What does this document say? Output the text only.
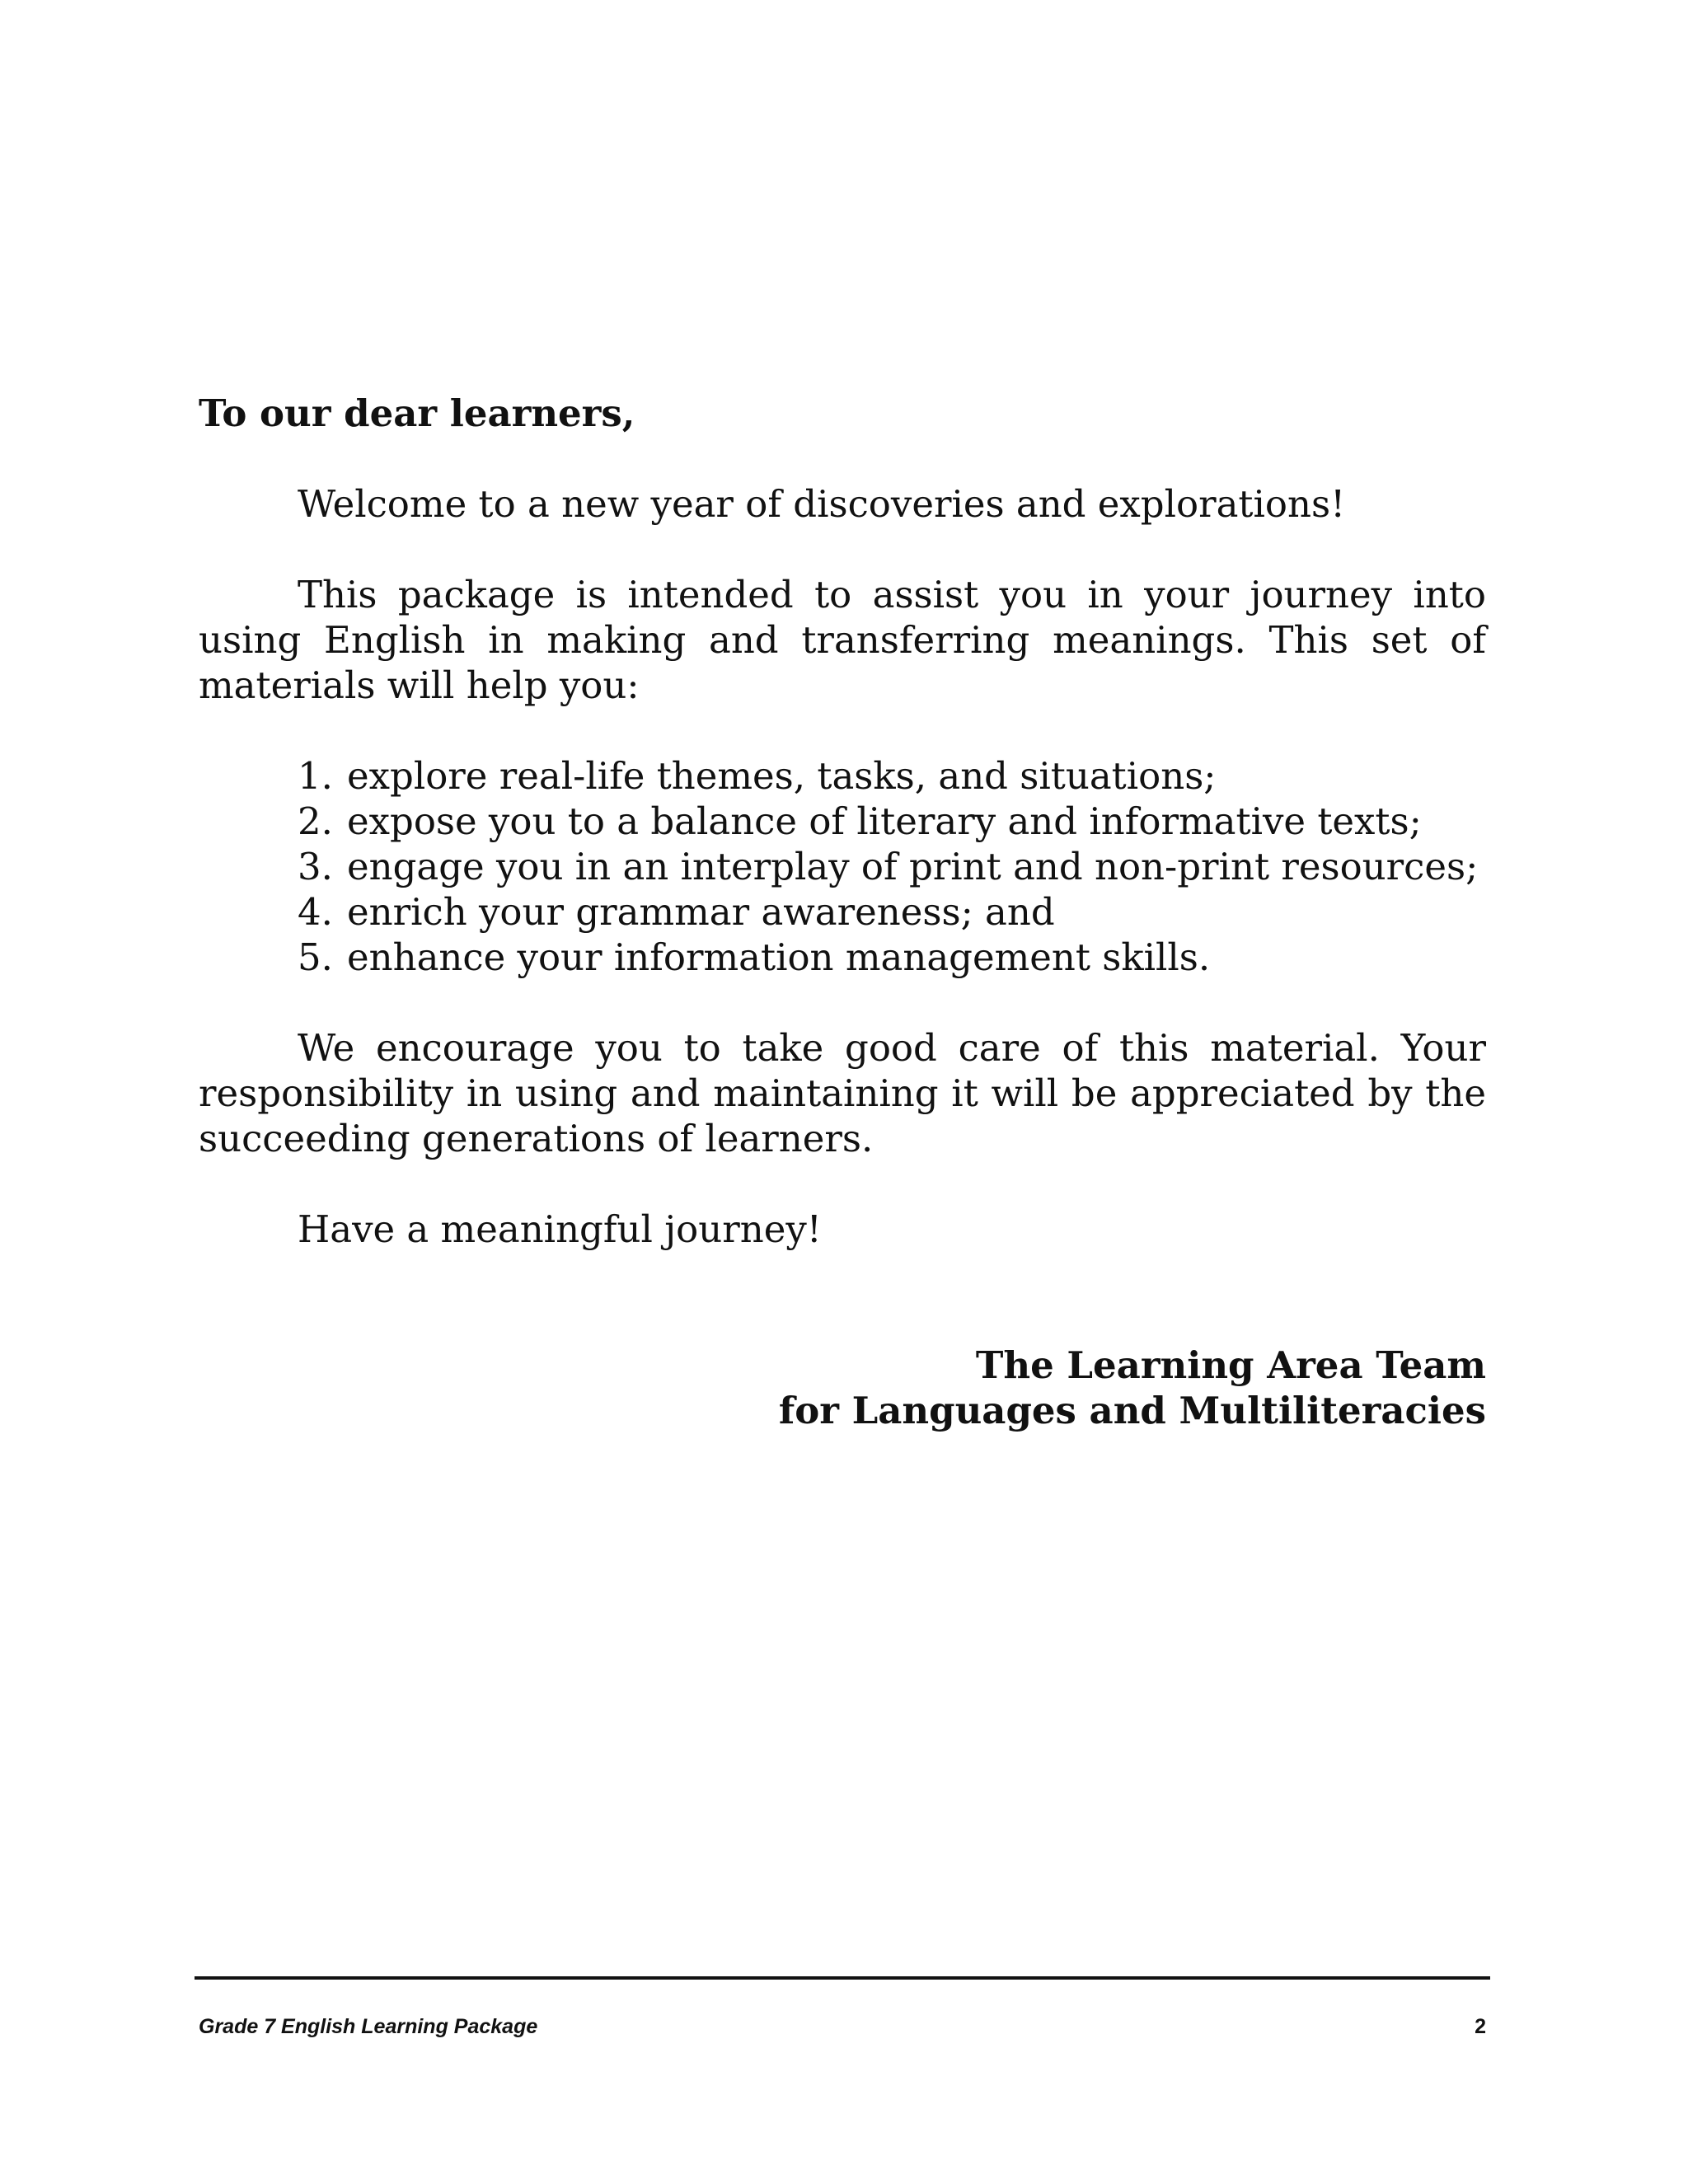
To our dear learners,

Welcome to a new year of discoveries and explorations!

This package is intended to assist you in your journey into using English in making and transferring meanings. This set of materials will help you:

1. explore real-life themes, tasks, and situations;
2. expose you to a balance of literary and informative texts;
3. engage you in an interplay of print and non-print resources;
4. enrich your grammar awareness; and
5. enhance your information management skills.

We encourage you to take good care of this material. Your responsibility in using and maintaining it will be appreciated by the succeeding generations of learners.

Have a meaningful journey!

The Learning Area Team
for Languages and Multiliteracies
Grade 7 English Learning Package	2
